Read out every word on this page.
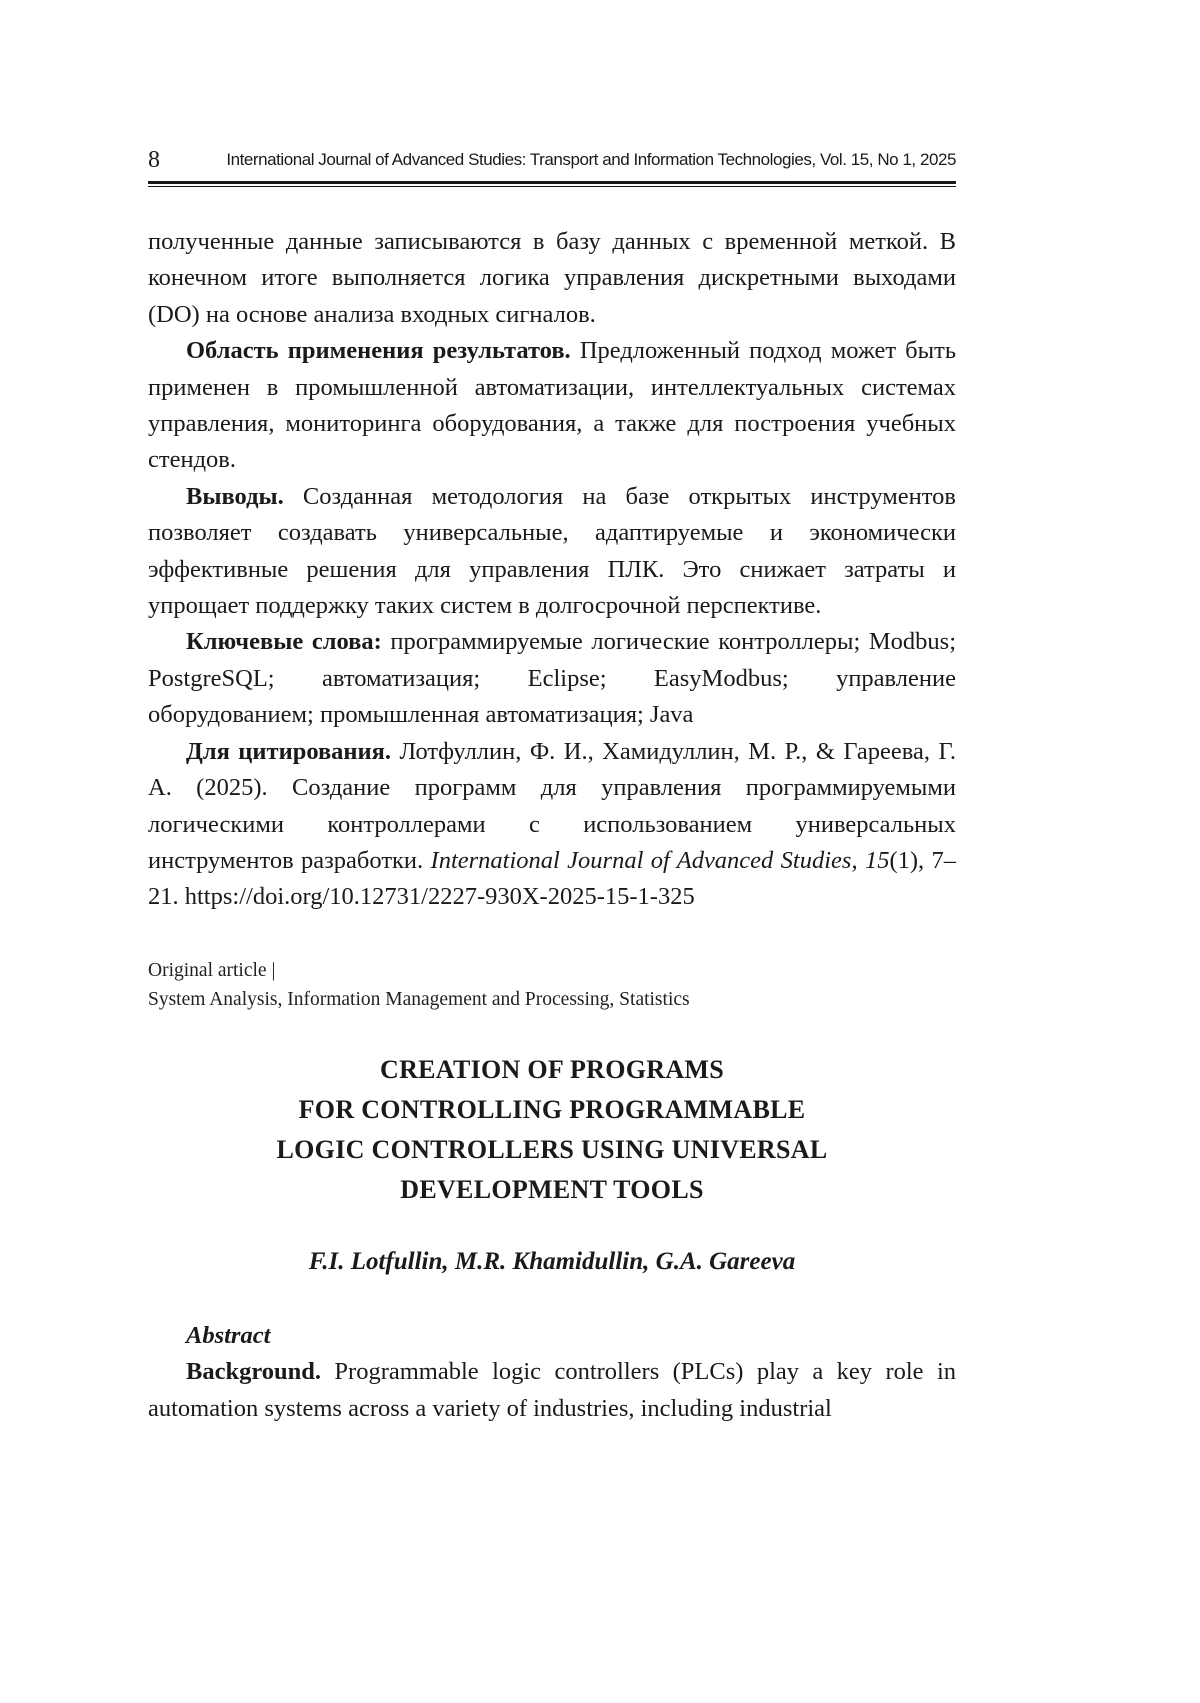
8	International Journal of Advanced Studies: Transport and Information Technologies, Vol. 15, No 1, 2025

полученные данные записываются в базу данных с временной меткой. В конечном итоге выполняется логика управления дискретными выходами (DO) на основе анализа входных сигналов.

Область применения результатов. Предложенный подход может быть применен в промышленной автоматизации, интеллектуальных системах управления, мониторинга оборудования, а также для построения учебных стендов.

Выводы. Созданная методология на базе открытых инструментов позволяет создавать универсальные, адаптируемые и экономически эффективные решения для управления ПЛК. Это снижает затраты и упрощает поддержку таких систем в долгосрочной перспективе.

Ключевые слова: программируемые логические контроллеры; Modbus; PostgreSQL; автоматизация; Eclipse; EasyModbus; управление оборудованием; промышленная автоматизация; Java

Для цитирования. Лотфуллин, Ф. И., Хамидуллин, М. Р., & Гареева, Г. А. (2025). Создание программ для управления программируемыми логическими контроллерами с использованием универсальных инструментов разработки. International Journal of Advanced Studies, 15(1), 7–21. https://doi.org/10.12731/2227-930X-2025-15-1-325

Original article |
System Analysis, Information Management and Processing, Statistics
CREATION OF PROGRAMS
FOR CONTROLLING PROGRAMMABLE
LOGIC CONTROLLERS USING UNIVERSAL
DEVELOPMENT TOOLS
F.I. Lotfullin, M.R. Khamidullin, G.A. Gareeva

Abstract

Background. Programmable logic controllers (PLCs) play a key role in automation systems across a variety of industries, including industrial
